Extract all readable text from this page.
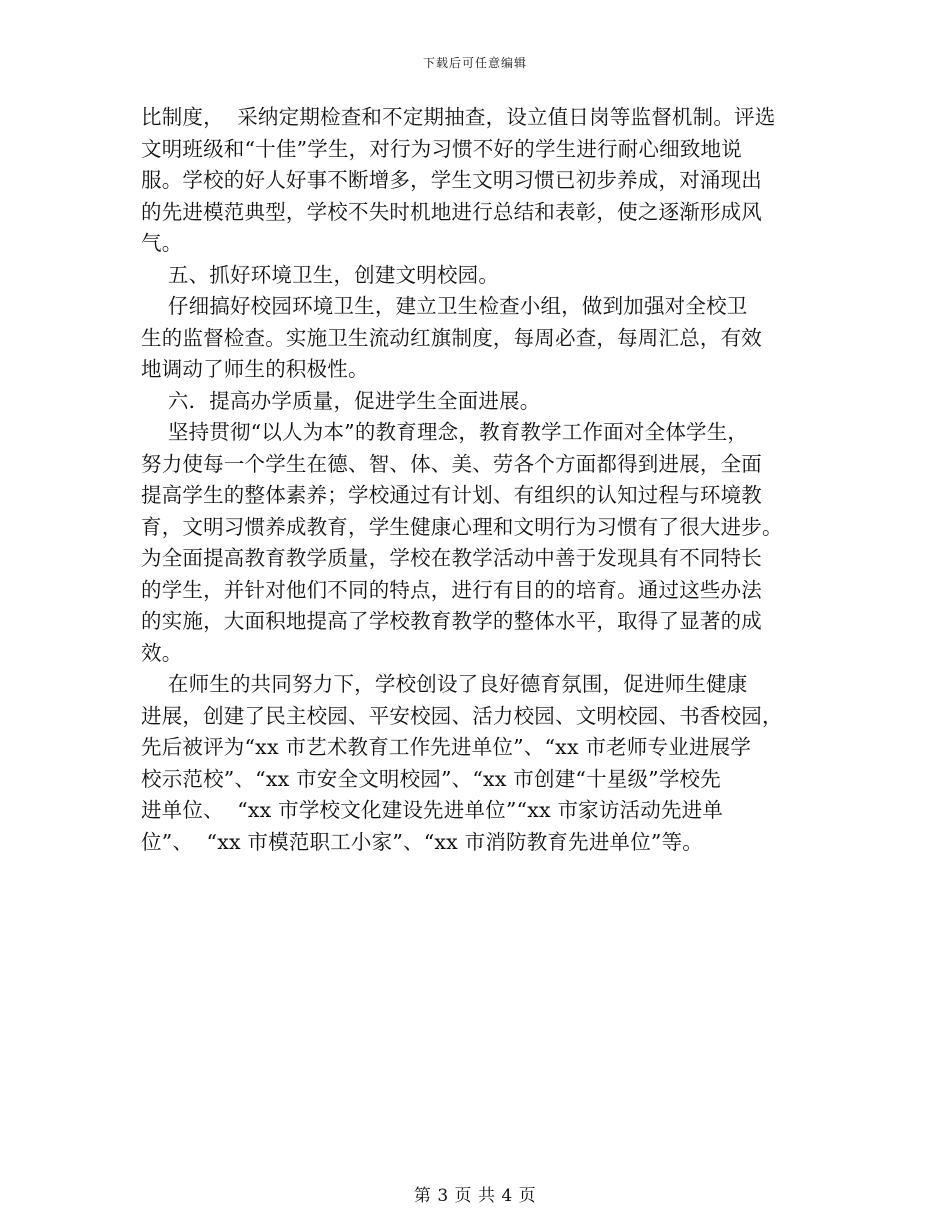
下载后可任意编辑
比制度，  采纳定期检查和不定期抽查，设立值日岗等监督机制。评选
文明班级和“十佳”学生，对行为习惯不好的学生进行耐心细致地说
服。学校的好人好事不断增多，学生文明习惯已初步养成，对涌现出
的先进模范典型，学校不失时机地进行总结和表彰，使之逐渐形成风
气。
五、抓好环境卫生，创建文明校园。
仔细搞好校园环境卫生，建立卫生检查小组，做到加强对全校卫
生的监督检查。实施卫生流动红旗制度，每周必查，每周汇总，有效
地调动了师生的积极性。
六．提高办学质量，促进学生全面进展。
坚持贯彻“以人为本”的教育理念，教育教学工作面对全体学生，
努力使每一个学生在德、智、体、美、劳各个方面都得到进展，全面
提高学生的整体素养；学校通过有计划、有组织的认知过程与环境教
育，文明习惯养成教育，学生健康心理和文明行为习惯有了很大进步。
为全面提高教育教学质量，学校在教学活动中善于发现具有不同特长
的学生，并针对他们不同的特点，进行有目的的培育。通过这些办法
的实施，大面积地提高了学校教育教学的整体水平，取得了显著的成
效。
在师生的共同努力下，学校创设了良好德育氛围，促进师生健康
进展，创建了民主校园、平安校园、活力校园、文明校园、书香校园，
先后被评为“xx 市艺术教育工作先进单位”、“xx 市老师专业进展学
校示范校”、“xx 市安全文明校园”、“xx 市创建“十星级”学校先
进单位、  “xx 市学校文化建设先进单位”“xx 市家访活动先进单
位”、  “xx 市模范职工小家”、“xx 市消防教育先进单位”等。
第 3 页 共 4 页
